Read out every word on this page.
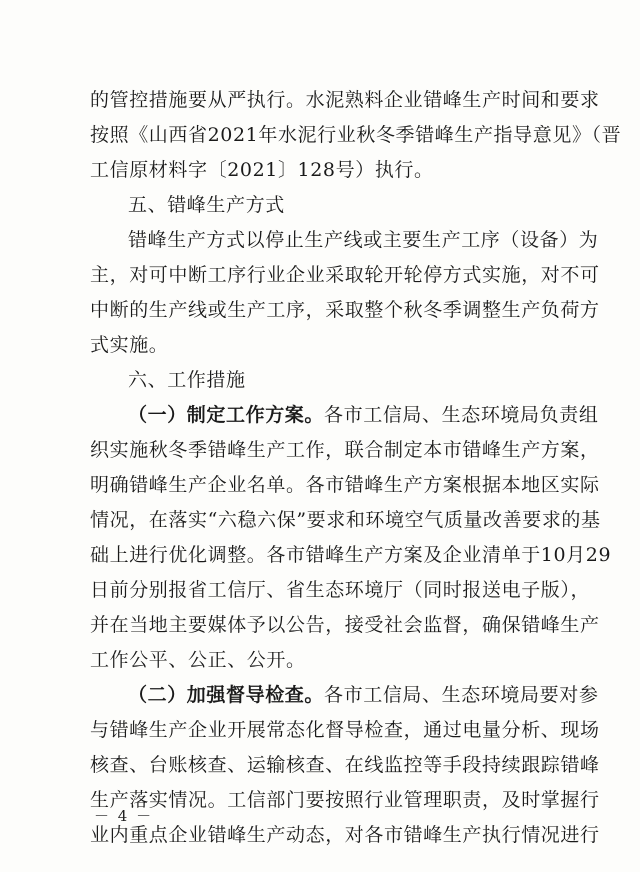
的管控措施要从严执行。水泥熟料企业错峰生产时间和要求
按照《山西省2021年水泥行业秋冬季错峰生产指导意见》（晋
工信原材料字〔2021〕128号）执行。
五、错峰生产方式
错峰生产方式以停止生产线或主要生产工序（设备）为
主，对可中断工序行业企业采取轮开轮停方式实施，对不可
中断的生产线或生产工序，采取整个秋冬季调整生产负荷方
式实施。
六、工作措施
（一）制定工作方案。各市工信局、生态环境局负责组
织实施秋冬季错峰生产工作，联合制定本市错峰生产方案，
明确错峰生产企业名单。各市错峰生产方案根据本地区实际
情况，在落实“六稳六保”要求和环境空气质量改善要求的基
础上进行优化调整。各市错峰生产方案及企业清单于10月29
日前分别报省工信厅、省生态环境厅（同时报送电子版），
并在当地主要媒体予以公告，接受社会监督，确保错峰生产
工作公平、公正、公开。
（二）加强督导检查。各市工信局、生态环境局要对参
与错峰生产企业开展常态化督导检查，通过电量分析、现场
核查、台账核查、运输核查、在线监控等手段持续跟踪错峰
生产落实情况。工信部门要按照行业管理职责，及时掌握行
业内重点企业错峰生产动态，对各市错峰生产执行情况进行
－ 4 －
